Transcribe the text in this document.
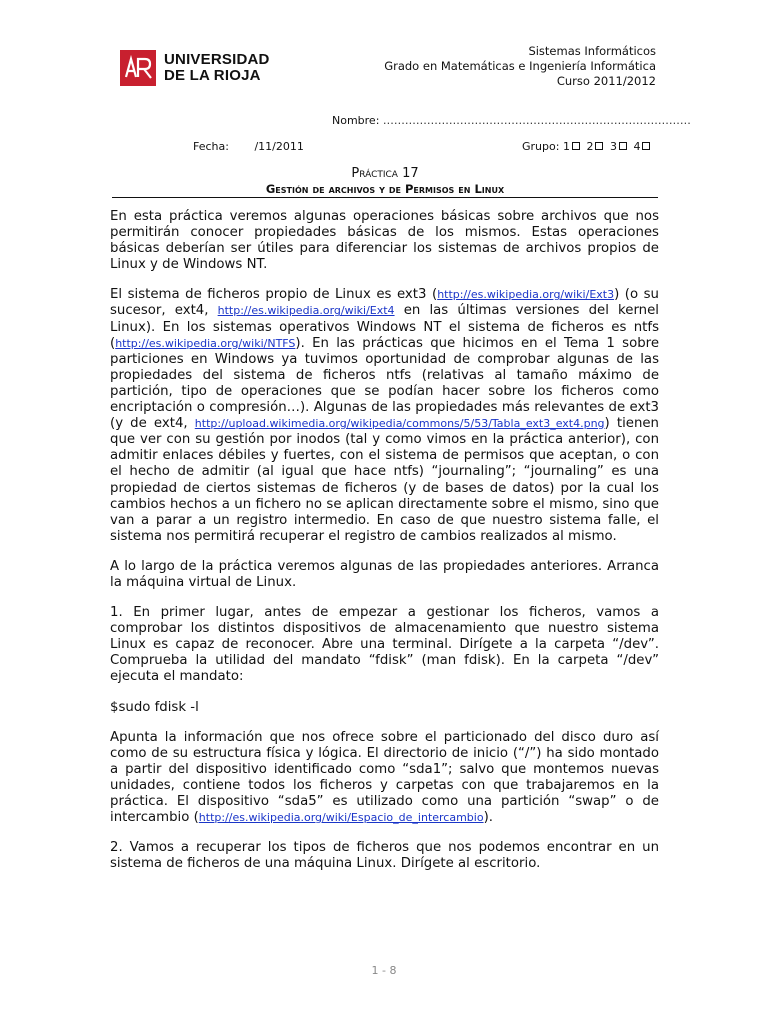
UNIVERSIDAD
DE LA RIOJA
Sistemas Informáticos
Grado en Matemáticas e Ingeniería Informática
Curso 2011/2012
Nombre: …………………………………………………………………………
Fecha: /11/2011	Grupo: 1 2 3 4
Práctica 17
Gestión de archivos y de Permisos en Linux

En esta práctica veremos algunas operaciones básicas sobre archivos que nos permitirán conocer propiedades básicas de los mismos. Estas operaciones básicas deberían ser útiles para diferenciar los sistemas de archivos propios de Linux y de Windows NT.

El sistema de ficheros propio de Linux es ext3 (http://es.wikipedia.org/wiki/Ext3) (o su sucesor, ext4, http://es.wikipedia.org/wiki/Ext4 en las últimas versiones del kernel Linux). En los sistemas operativos Windows NT el sistema de ficheros es ntfs (http://es.wikipedia.org/wiki/NTFS). En las prácticas que hicimos en el Tema 1 sobre particiones en Windows ya tuvimos oportunidad de comprobar algunas de las propiedades del sistema de ficheros ntfs (relativas al tamaño máximo de partición, tipo de operaciones que se podían hacer sobre los ficheros como encriptación o compresión…). Algunas de las propiedades más relevantes de ext3 (y de ext4, http://upload.wikimedia.org/wikipedia/commons/5/53/Tabla_ext3_ext4.png) tienen que ver con su gestión por inodos (tal y como vimos en la práctica anterior), con admitir enlaces débiles y fuertes, con el sistema de permisos que aceptan, o con el hecho de admitir (al igual que hace ntfs) “journaling”; “journaling” es una propiedad de ciertos sistemas de ficheros (y de bases de datos) por la cual los cambios hechos a un fichero no se aplican directamente sobre el mismo, sino que van a parar a un registro intermedio. En caso de que nuestro sistema falle, el sistema nos permitirá recuperar el registro de cambios realizados al mismo.

A lo largo de la práctica veremos algunas de las propiedades anteriores. Arranca la máquina virtual de Linux.

1. En primer lugar, antes de empezar a gestionar los ficheros, vamos a comprobar los distintos dispositivos de almacenamiento que nuestro sistema Linux es capaz de reconocer. Abre una terminal. Dirígete a la carpeta “/dev”. Comprueba la utilidad del mandato “fdisk” (man fdisk). En la carpeta “/dev” ejecuta el mandato:

$sudo fdisk -l

Apunta la información que nos ofrece sobre el particionado del disco duro así como de su estructura física y lógica. El directorio de inicio (“/”) ha sido montado a partir del dispositivo identificado como “sda1”; salvo que montemos nuevas unidades, contiene todos los ficheros y carpetas con que trabajaremos en la práctica. El dispositivo “sda5” es utilizado como una partición “swap” o de intercambio (http://es.wikipedia.org/wiki/Espacio_de_intercambio).

2. Vamos a recuperar los tipos de ficheros que nos podemos encontrar en un sistema de ficheros de una máquina Linux. Dirígete al escritorio.

1 - 8
